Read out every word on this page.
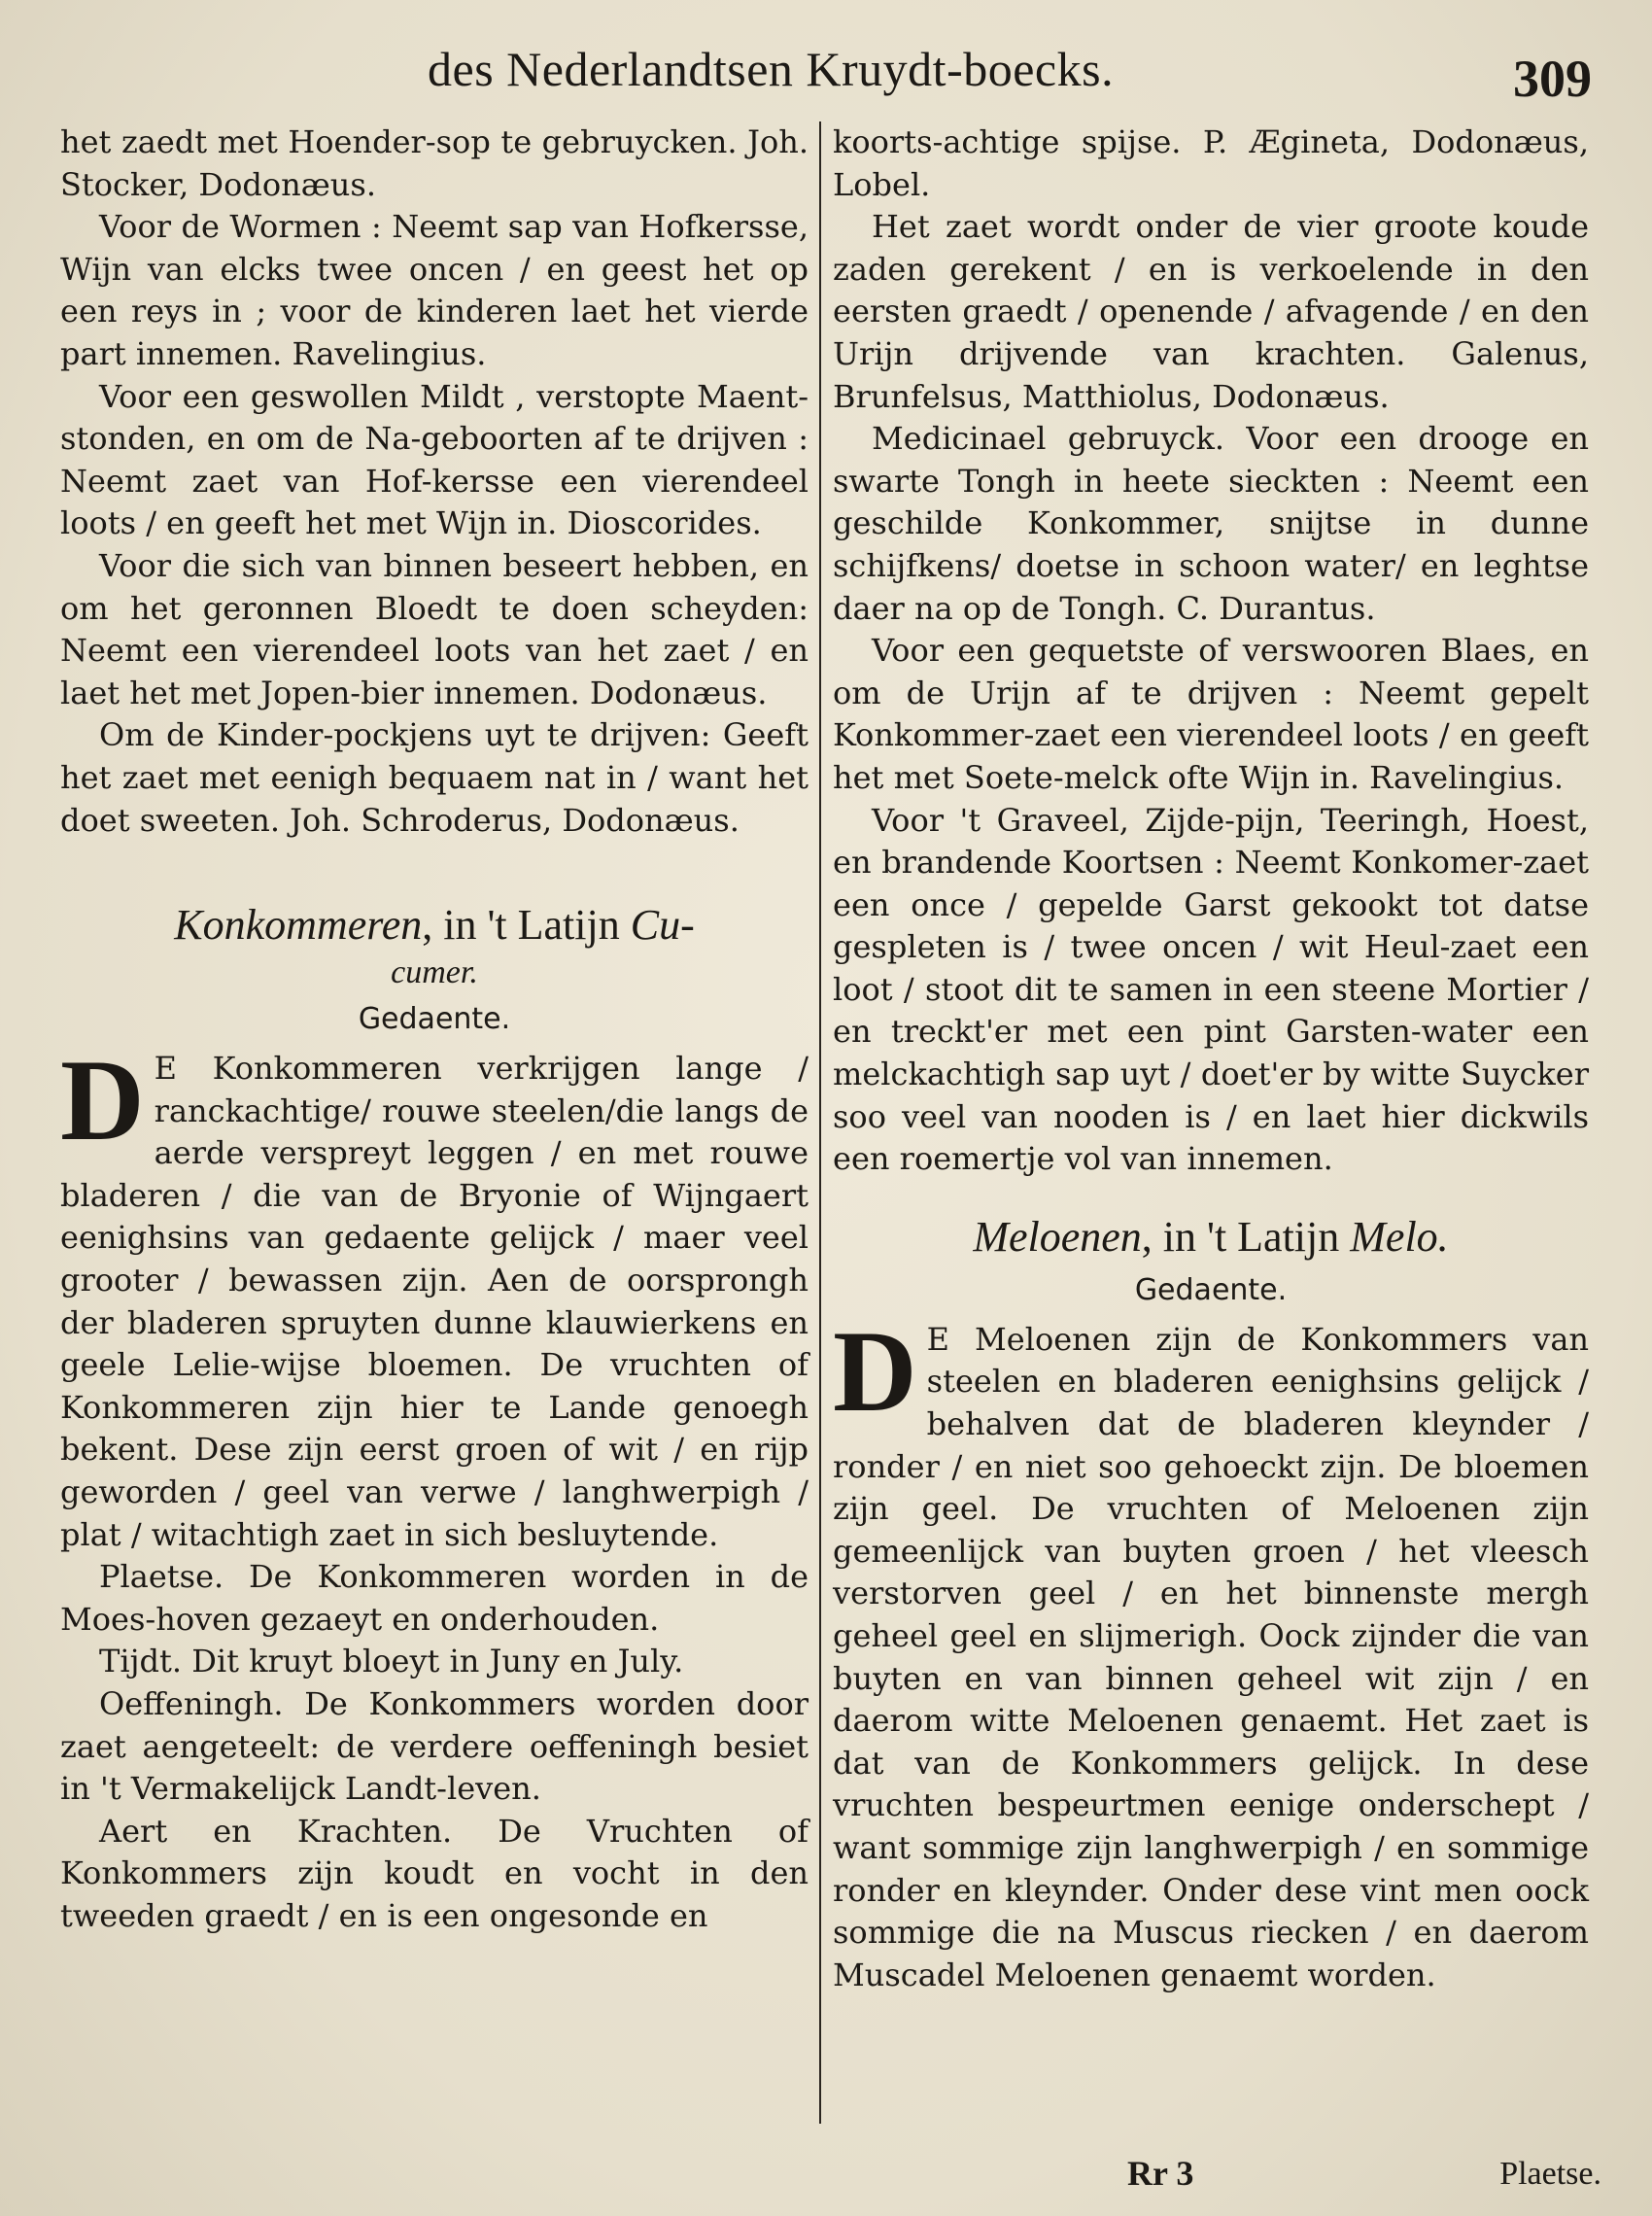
des Nederlandtsen Kruydt-boecks.	309

het zaedt met Hoender-sop te gebruycken. Joh. Stocker, Dodonæus.

Voor de Wormen : Neemt sap van Hofkersse, Wijn van elcks twee oncen / en geest het op een reys in ; voor de kinderen laet het vierde part innemen. Ravelingius.

Voor een geswollen Mildt , verstopte Maent-stonden, en om de Na-geboorten af te drijven : Neemt zaet van Hof-kersse een vierendeel loots / en geeft het met Wijn in. Dioscorides.

Voor die sich van binnen beseert hebben, en om het geronnen Bloedt te doen scheyden: Neemt een vierendeel loots van het zaet / en laet het met Jopen-bier innemen. Dodonæus.

Om de Kinder-pockjens uyt te drijven: Geeft het zaet met eenigh bequaem nat in / want het doet sweeten. Joh. Schroderus, Dodonæus.

Konkommeren, in 't Latijn Cu-

cumer.

Gedaente.

D E Konkommeren verkrijgen lange / ranckachtige/ rouwe steelen/die langs de aerde verspreyt leggen / en met rouwe bladeren / die van de Bryonie of Wijngaert eenighsins van gedaente gelijck / maer veel grooter / bewassen zijn. Aen de oorsprongh der bladeren spruyten dunne klauwierkens en geele Lelie-wijse bloemen. De vruchten of Konkommeren zijn hier te Lande genoegh bekent. Dese zijn eerst groen of wit / en rijp geworden / geel van verwe / langhwerpigh / plat / witachtigh zaet in sich besluytende.

Plaetse. De Konkommeren worden in de Moes-hoven gezaeyt en onderhouden.

Tijdt. Dit kruyt bloeyt in Juny en July.

Oeffeningh. De Konkommers worden door zaet aengeteelt: de verdere oeffeningh besiet in 't Vermakelijck Landt-leven.

Aert en Krachten. De Vruchten of Konkommers zijn koudt en vocht in den tweeden graedt / en is een ongesonde en

koorts-achtige spijse. P. Ægineta, Dodonæus, Lobel.

Het zaet wordt onder de vier groote koude zaden gerekent / en is verkoelende in den eersten graedt / openende / afvagende / en den Urijn drijvende van krachten. Galenus, Brunfelsus, Matthiolus, Dodonæus.

Medicinael gebruyck. Voor een drooge en swarte Tongh in heete sieckten : Neemt een geschilde Konkommer, snijtse in dunne schijfkens/ doetse in schoon water/ en leghtse daer na op de Tongh. C. Durantus.

Voor een gequetste of verswooren Blaes, en om de Urijn af te drijven : Neemt gepelt Konkommer-zaet een vierendeel loots / en geeft het met Soete-melck ofte Wijn in. Ravelingius.

Voor 't Graveel, Zijde-pijn, Teeringh, Hoest, en brandende Koortsen : Neemt Konkomer-zaet een once / gepelde Garst gekookt tot datse gespleten is / twee oncen / wit Heul-zaet een loot / stoot dit te samen in een steene Mortier / en treckt'er met een pint Garsten-water een melckachtigh sap uyt / doet'er by witte Suycker soo veel van nooden is / en laet hier dickwils een roemertje vol van innemen.

Meloenen, in 't Latijn Melo.

Gedaente.

D E Meloenen zijn de Konkommers van steelen en bladeren eenighsins gelijck / behalven dat de bladeren kleynder / ronder / en niet soo gehoeckt zijn. De bloemen zijn geel. De vruchten of Meloenen zijn gemeenlijck van buyten groen / het vleesch verstorven geel / en het binnenste mergh geheel geel en slijmerigh. Oock zijnder die van buyten en van binnen geheel wit zijn / en daerom witte Meloenen genaemt. Het zaet is dat van de Konkommers gelijck. In dese vruchten bespeurtmen eenige onderschept / want sommige zijn langhwerpigh / en sommige ronder en kleynder. Onder dese vint men oock sommige die na Muscus riecken / en daerom Muscadel Meloenen genaemt worden.

Rr 3	Plaetse.
